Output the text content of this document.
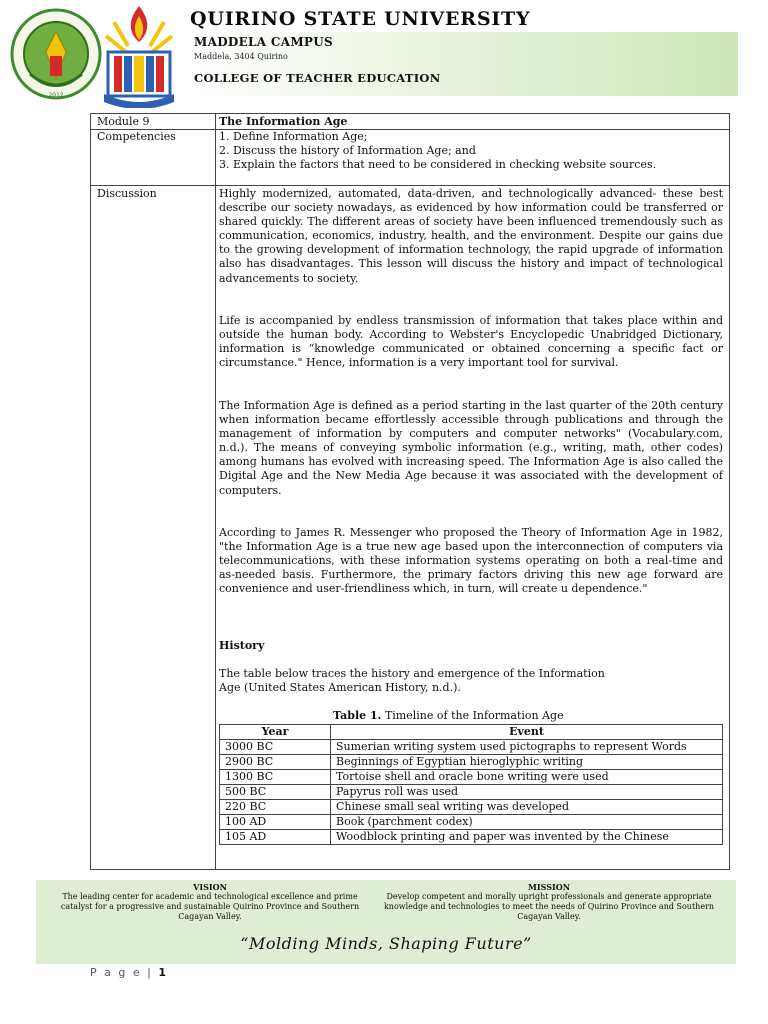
2012
QUIRINO STATE UNIVERSITY
MADDELA CAMPUS
Maddela, 3404 Quirino
COLLEGE OF TEACHER EDUCATION
Module 9	The Information Age
Competencies	1. Define Information Age;

2. Discuss the history of Information Age; and

3. Explain the factors that need to be considered in checking website sources.

Discussion	Highly modernized, automated, data-driven, and technologically advanced- these best describe our society nowadays, as evidenced by how information could be transferred or shared quickly. The different areas of society have been influenced tremendously such as communication, economics, industry, health, and the environment. Despite our gains due to the growing development of information technology, the rapid upgrade of information also has disadvantages. This lesson will discuss the history and impact of technological advancements to society.
Life is accompanied by endless transmission of information that takes place within and outside the human body. According to Webster's Encyclopedic Unabridged Dictionary, information is “knowledge communicated or obtained concerning a specific fact or circumstance." Hence, information is a very important tool for survival.
The Information Age is defined as a period starting in the last quarter of the 20th century when information became effortlessly accessible through publications and through the management of information by computers and computer networks" (Vocabulary.com, n.d.). The means of conveying symbolic information (e.g., writing, math, other codes) among humans has evolved with increasing speed. The Information Age is also called the Digital Age and the New Media Age because it was associated with the development of computers.
According to James R. Messenger who proposed the Theory of Information Age in 1982, "the Information Age is a true new age based upon the interconnection of computers via telecommunications, with these information systems operating on both a real-time and as-needed basis. Furthermore, the primary factors driving this new age forward are convenience and user-friendliness which, in turn, will create u dependence."
History
The table below traces the history and emergence of the Information
Age (United States American History, n.d.).
Table 1. Timeline of the Information Age
Year	Event
3000 BC	Sumerian writing system used pictographs to represent Words
2900 BC	Beginnings of Egyptian hieroglyphic writing
1300 BC	Tortoise shell and oracle bone writing were used
500 BC	Papyrus roll was used
220 BC	Chinese small seal writing was developed
100 AD	Book (parchment codex)
105 AD	Woodblock printing and paper was invented by the Chinese
VISION
The leading center for academic and technological excellence and prime catalyst for a progressive and sustainable Quirino Province and Southern Cagayan Valley.
MISSION
Develop competent and morally upright professionals and generate appropriate knowledge and technologies to meet the needs of Quirino Province and Southern Cagayan Valley.
“Molding Minds, Shaping Future”
P a g e | 1
